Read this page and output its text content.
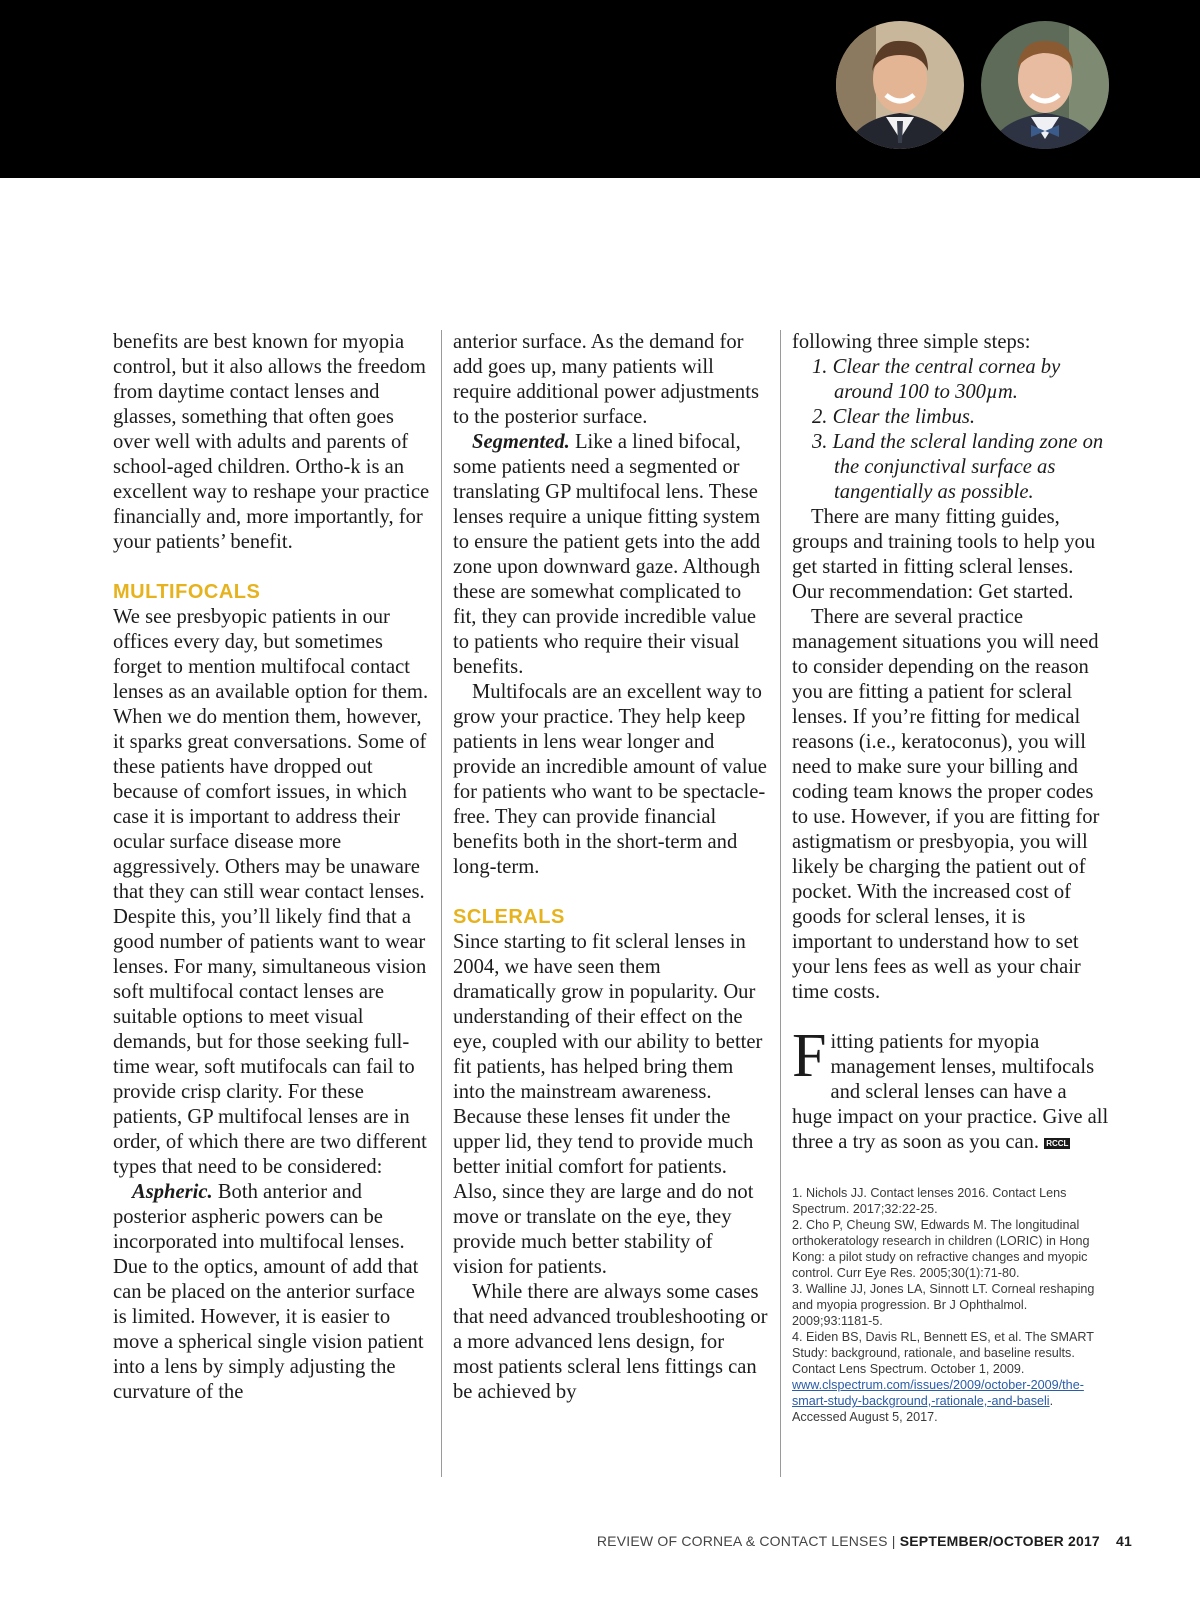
benefits are best known for myopia control, but it also allows the freedom from daytime contact lenses and glasses, something that often goes over well with adults and parents of school-aged children. Ortho-k is an excellent way to reshape your practice financially and, more importantly, for your patients’ benefit.

MULTIFOCALS

We see presbyopic patients in our offices every day, but sometimes forget to mention multifocal contact lenses as an available option for them. When we do mention them, however, it sparks great conversations. Some of these patients have dropped out because of comfort issues, in which case it is important to address their ocular surface disease more aggressively. Others may be unaware that they can still wear contact lenses. Despite this, you’ll likely find that a good number of patients want to wear lenses. For many, simultaneous vision soft multifocal contact lenses are suitable options to meet visual demands, but for those seeking full-time wear, soft mutifocals can fail to provide crisp clarity. For these patients, GP multifocal lenses are in order, of which there are two different types that need to be considered:

Aspheric. Both anterior and posterior aspheric powers can be incorporated into multifocal lenses. Due to the optics, amount of add that can be placed on the anterior surface is limited. However, it is easier to move a spherical single vision patient into a lens by simply adjusting the curvature of the

anterior surface. As the demand for add goes up, many patients will require additional power adjustments to the posterior surface.

Segmented. Like a lined bifocal, some patients need a segmented or translating GP multifocal lens. These lenses require a unique fitting system to ensure the patient gets into the add zone upon downward gaze. Although these are somewhat complicated to fit, they can provide incredible value to patients who require their visual benefits.

Multifocals are an excellent way to grow your practice. They help keep patients in lens wear longer and provide an incredible amount of value for patients who want to be spectacle-free. They can provide financial benefits both in the short-term and long-term.

SCLERALS

Since starting to fit scleral lenses in 2004, we have seen them dramatically grow in popularity. Our understanding of their effect on the eye, coupled with our ability to better fit patients, has helped bring them into the mainstream awareness. Because these lenses fit under the upper lid, they tend to provide much better initial comfort for patients. Also, since they are large and do not move or translate on the eye, they provide much better stability of vision for patients.

While there are always some cases that need advanced troubleshooting or a more advanced lens design, for most patients scleral lens fittings can be achieved by

following three simple steps:

1. Clear the central cornea by around 100 to 300µm.
2. Clear the limbus.
3. Land the scleral landing zone on the conjunctival surface as tangentially as possible.

There are many fitting guides, groups and training tools to help you get started in fitting scleral lenses. Our recommendation: Get started.

There are several practice management situations you will need to consider depending on the reason you are fitting a patient for scleral lenses. If you’re fitting for medical reasons (i.e., keratoconus), you will need to make sure your billing and coding team knows the proper codes to use. However, if you are fitting for astigmatism or presbyopia, you will likely be charging the patient out of pocket. With the increased cost of goods for scleral lenses, it is important to understand how to set your lens fees as well as your chair time costs.

Fitting patients for myopia management lenses, multifocals and scleral lenses can have a huge impact on your practice. Give all three a try as soon as you can. RCCL

1. Nichols JJ. Contact lenses 2016. Contact Lens Spectrum. 2017;32:22-25.

2. Cho P, Cheung SW, Edwards M. The longitudinal orthokeratology research in children (LORIC) in Hong Kong: a pilot study on refractive changes and myopic control. Curr Eye Res. 2005;30(1):71-80.

3. Walline JJ, Jones LA, Sinnott LT. Corneal reshaping and myopia progression. Br J Ophthalmol. 2009;93:1181-5.

4. Eiden BS, Davis RL, Bennett ES, et al. The SMART Study: background, rationale, and baseline results. Contact Lens Spectrum. October 1, 2009. www.clspectrum.com/issues/2009/october-2009/the-smart-study-background,-rationale,-and-baseli. Accessed August 5, 2017.

REVIEW OF CORNEA & CONTACT LENSES | SEPTEMBER/OCTOBER 2017 41
